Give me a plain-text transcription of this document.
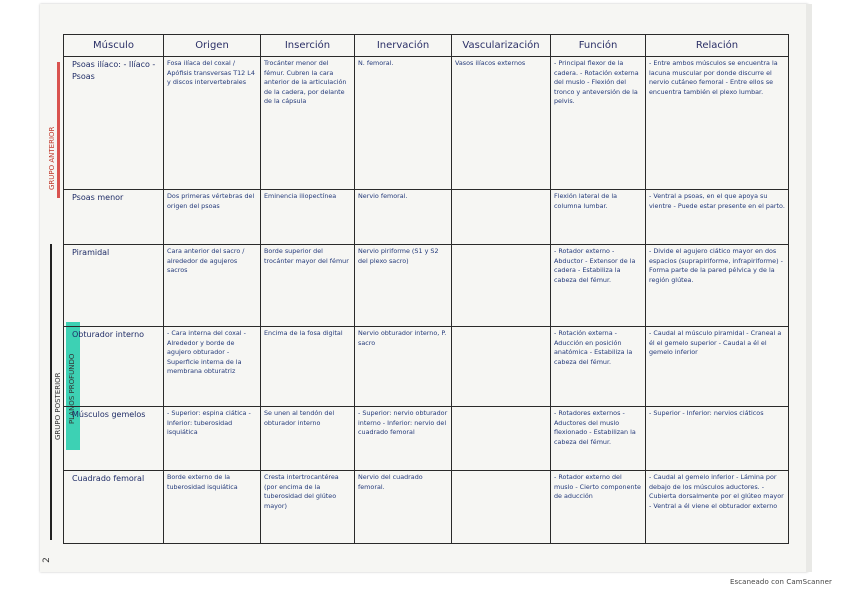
GRUPO ANTERIOR
PLANOS PROFUNDO
GRUPO POSTERIOR
Músculo	Origen	Inserción	Inervación	Vascularización	Función	Relación
Psoas ilíaco: - Ilíaco - Psoas	Fosa ilíaca del coxal / Apófisis transversas T12 L4 y discos intervertebrales	Trocánter menor del fémur. Cubren la cara anterior de la articulación de la cadera, por delante de la cápsula	N. femoral.	Vasos ilíacos externos	- Principal flexor de la cadera. - Rotación externa del muslo - Flexión del tronco y anteversión de la pelvis.	- Entre ambos músculos se encuentra la lacuna muscular por donde discurre el nervio cutáneo femoral - Entre ellos se encuentra también el plexo lumbar.
Psoas menor	Dos primeras vértebras del origen del psoas	Eminencia iliopectínea	Nervio femoral.		Flexión lateral de la columna lumbar.	- Ventral a psoas, en el que apoya su vientre - Puede estar presente en el parto.
Piramidal	Cara anterior del sacro / alrededor de agujeros sacros	Borde superior del trocánter mayor del fémur	Nervio piriforme (S1 y S2 del plexo sacro)		- Rotador externo - Abductor - Extensor de la cadera - Estabiliza la cabeza del fémur.	- Divide el agujero ciático mayor en dos espacios (suprapiriforme, infrapiriforme) - Forma parte de la pared pélvica y de la región glútea.
Obturador interno	- Cara interna del coxal - Alrededor y borde de agujero obturador - Superficie interna de la membrana obturatriz	Encima de la fosa digital	Nervio obturador interno, P. sacro		- Rotación externa - Aducción en posición anatómica - Estabiliza la cabeza del fémur.	- Caudal al músculo piramidal - Craneal a él el gemelo superior - Caudal a él el gemelo inferior
Músculos gemelos	- Superior: espina ciática - Inferior: tuberosidad isquiática	Se unen al tendón del obturador interno	- Superior: nervio obturador interno - Inferior: nervio del cuadrado femoral		- Rotadores externos - Aductores del muslo flexionado - Estabilizan la cabeza del fémur.	- Superior - Inferior: nervios ciáticos
Cuadrado femoral	Borde externo de la tuberosidad isquiática	Cresta intertrocantérea (por encima de la tuberosidad del glúteo mayor)	Nervio del cuadrado femoral.		- Rotador externo del muslo - Cierto componente de aducción	- Caudal al gemelo inferior - Lámina por debajo de los músculos aductores. - Cubierta dorsalmente por el glúteo mayor - Ventral a él viene el obturador externo
2
Escaneado con CamScanner
